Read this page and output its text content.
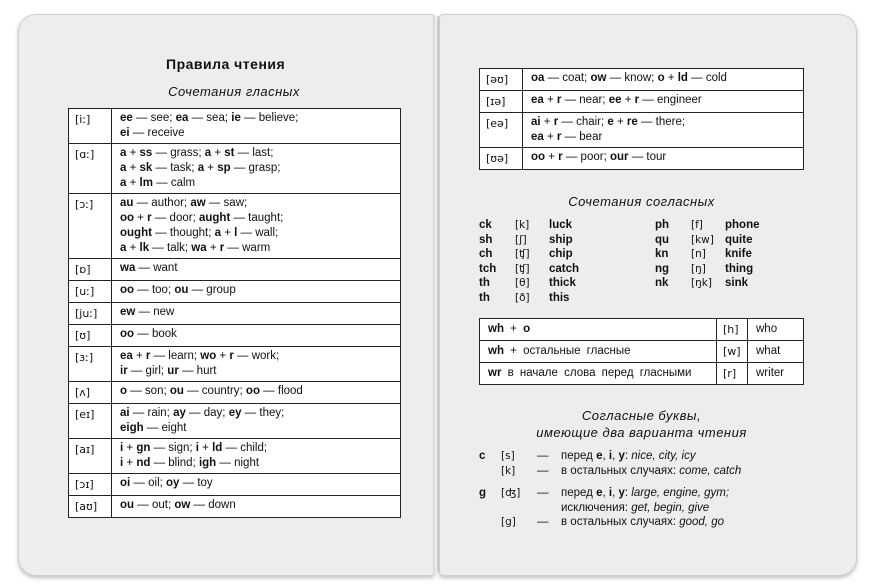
Правила чтения
Сочетания гласных
[iː]	ee — see; ea — sea; ie — believe;
ei — receive
[ɑː]	a + ss — grass; a + st — last;
a + sk — task; a + sp — grasp;
a + lm — calm
[ɔː]	au — author; aw — saw;
oo + r — door; aught — taught;
ought — thought; a + l — wall;
a + lk — talk; wa + r — warm
[ɒ]	wa — want
[uː]	oo — too; ou — group
[juː]	ew — new
[ʊ]	oo — book
[ɜː]	ea + r — learn; wo + r — work;
ir — girl; ur — hurt
[ʌ]	o — son; ou — country; oo — flood
[eɪ]	ai — rain; ay — day; ey — they;
eigh — eight
[aɪ]	i + gn — sign; i + ld — child;
i + nd — blind; igh — night
[ɔɪ]	oi — oil; oy — toy
[aʊ]	ou — out; ow — down
[əʊ]	oa — coat; ow — know; o + ld — cold
[ɪə]	ea + r — near; ee + r — engineer
[eə]	ai + r — chair; e + re — there;
ea + r — bear
[ʊə]	oo + r — poor; our — tour
Сочетания согласных
ck	[k]	luck
sh	[ʃ]	ship
ch	[ʧ]	chip
tch	[ʧ]	catch
th	[θ]	thick
th	[ð]	this
ph	[f]	phone
qu	[kw] quite
kn	[n]	knife
ng	[ŋ]	thing
nk	[ŋk]	sink
wh + o	[h]	who
wh + остальные гласные	[w]	what
wr в начале слова перед гласными	[r]	writer
Согласные буквы,
имеющие два варианта чтения
c	[s]	—	перед e, i, y: nice, city, icy
[k]	—	в остальных случаях: come, catch
g	[ʤ]	—	перед e, i, y: large, engine, gym;
исключения: get, begin, give
[g]	—	в остальных случаях: good, go
